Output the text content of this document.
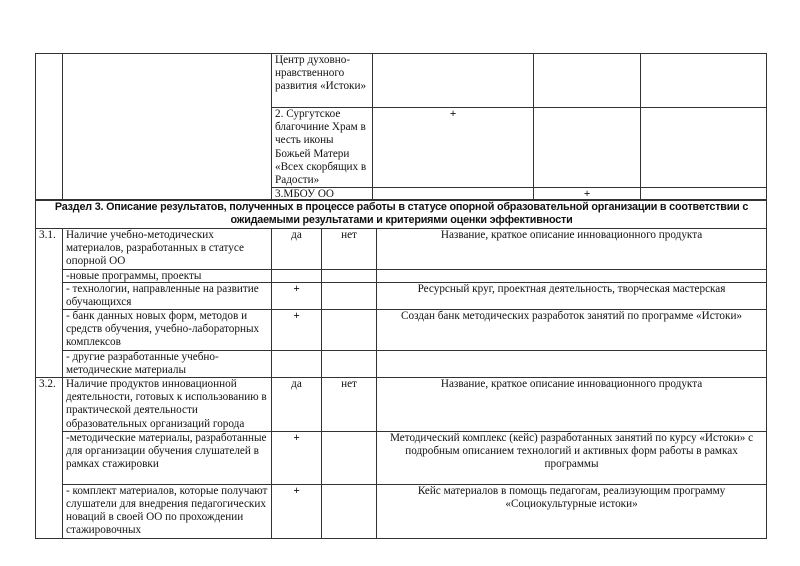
		Центр духовно-нравственного развития «Истоки»			
		2. Сургутское благочиние Храм в честь иконы Божьей Матери «Всех скорбящих в Радости»	+		
		3.МБОУ ОО		+	
Раздел 3. Описание результатов, полученных в процессе работы в статусе опорной образовательной организации в соответствии с ожидаемыми результатами и критериями оценки эффективности				
3.1.	Наличие учебно-методических материалов, разработанных в статусе опорной ОО	да	нет	Название, краткое описание инновационного продукта
	-новые программы, проекты			
	- технологии, направленные на развитие обучающихся	+		Ресурсный круг, проектная деятельность, творческая мастерская
	- банк данных новых форм, методов и средств обучения, учебно-лабораторных комплексов	+		Создан банк методических разработок занятий по программе «Истоки»
	- другие разработанные учебно-методические материалы			
3.2.	Наличие продуктов инновационной деятельности, готовых к использованию в практической деятельности образовательных организаций города	да	нет	Название, краткое описание инновационного продукта
	-методические материалы, разработанные для организации обучения слушателей в рамках стажировки	+		Методический комплекс (кейс) разработанных занятий по курсу «Истоки» с подробным описанием технологий и активных форм работы в рамках программы
	- комплект материалов, которые получают слушатели для внедрения педагогических новаций в своей ОО по прохождении стажировочных	+		Кейс материалов в помощь педагогам, реализующим программу «Социокультурные истоки»
